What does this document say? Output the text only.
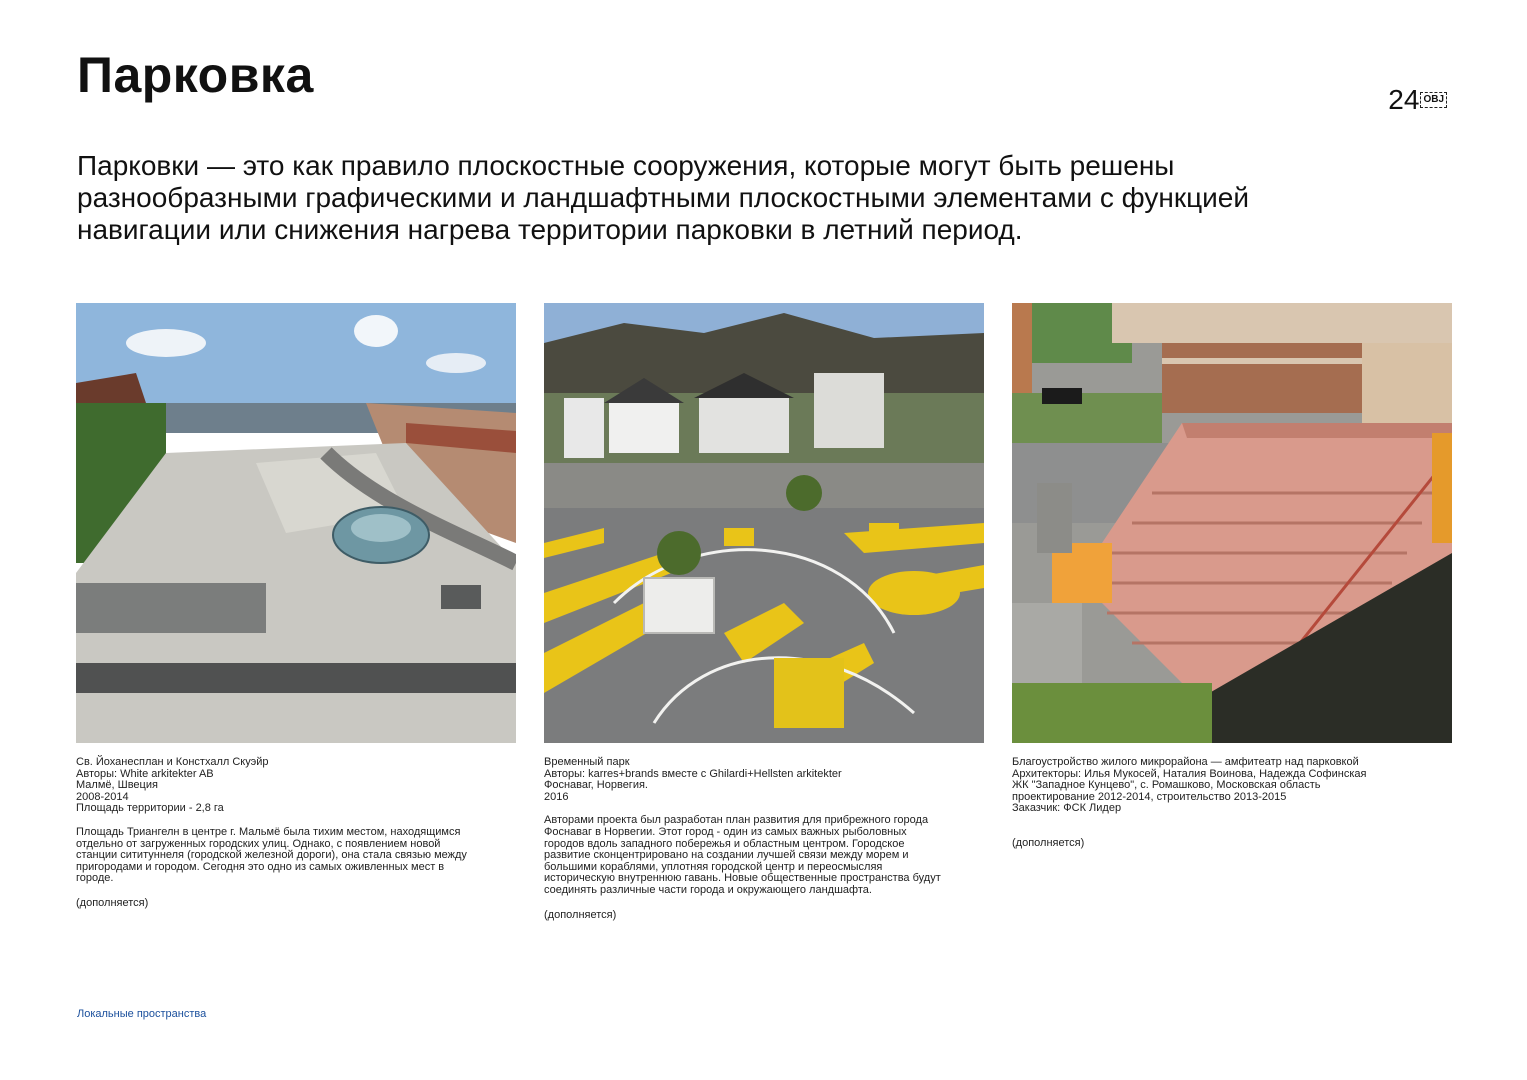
Парковка	24 OBJ
Парковки — это как правило плоскостные сооружения, которые могут быть решены
разнообразными графическими и ландшафтными плоскостными элементами с функцией
навигации или снижения нагрева территории парковки в летний период.
Св. Йоханесплан и Констхалл Скуэйр
Авторы: White arkitekter AB
Малмё, Швеция
2008-2014
Площадь территории - 2,8 га
Площадь Триангелн в центре г. Мальмё была тихим местом, находящимся
отдельно от загруженных городских улиц. Однако, с появлением новой
станции сититуннеля (городской железной дороги), она стала связью между
пригородами и городом. Сегодня это одно из самых оживленных мест в
городе.
(дополняется)
Временный парк
Авторы: karres+brands вместе с Ghilardi+Hellsten arkitekter
Фоснаваг, Норвегия.
2016
Авторами проекта был разработан план развития для прибрежного города
Фоснаваг в Норвегии. Этот город - один из самых важных рыболовных
городов вдоль западного побережья и областным центром. Городское
развитие сконцентрировано на создании лучшей связи между морем и
большими кораблями, уплотняя городской центр и переосмысляя
историческую внутреннюю гавань. Новые общественные пространства будут
соединять различные части города и окружающего ландшафта.
(дополняется)
Благоустройство жилого микрорайона — амфитеатр над парковкой
Архитекторы: Илья Мукосей, Наталия Воинова, Надежда Софинская
ЖК "Западное Кунцево", с. Ромашково, Московская область
проектирование 2012-2014, строительство 2013-2015
Заказчик: ФСК Лидер
(дополняется)
Локальные пространства
